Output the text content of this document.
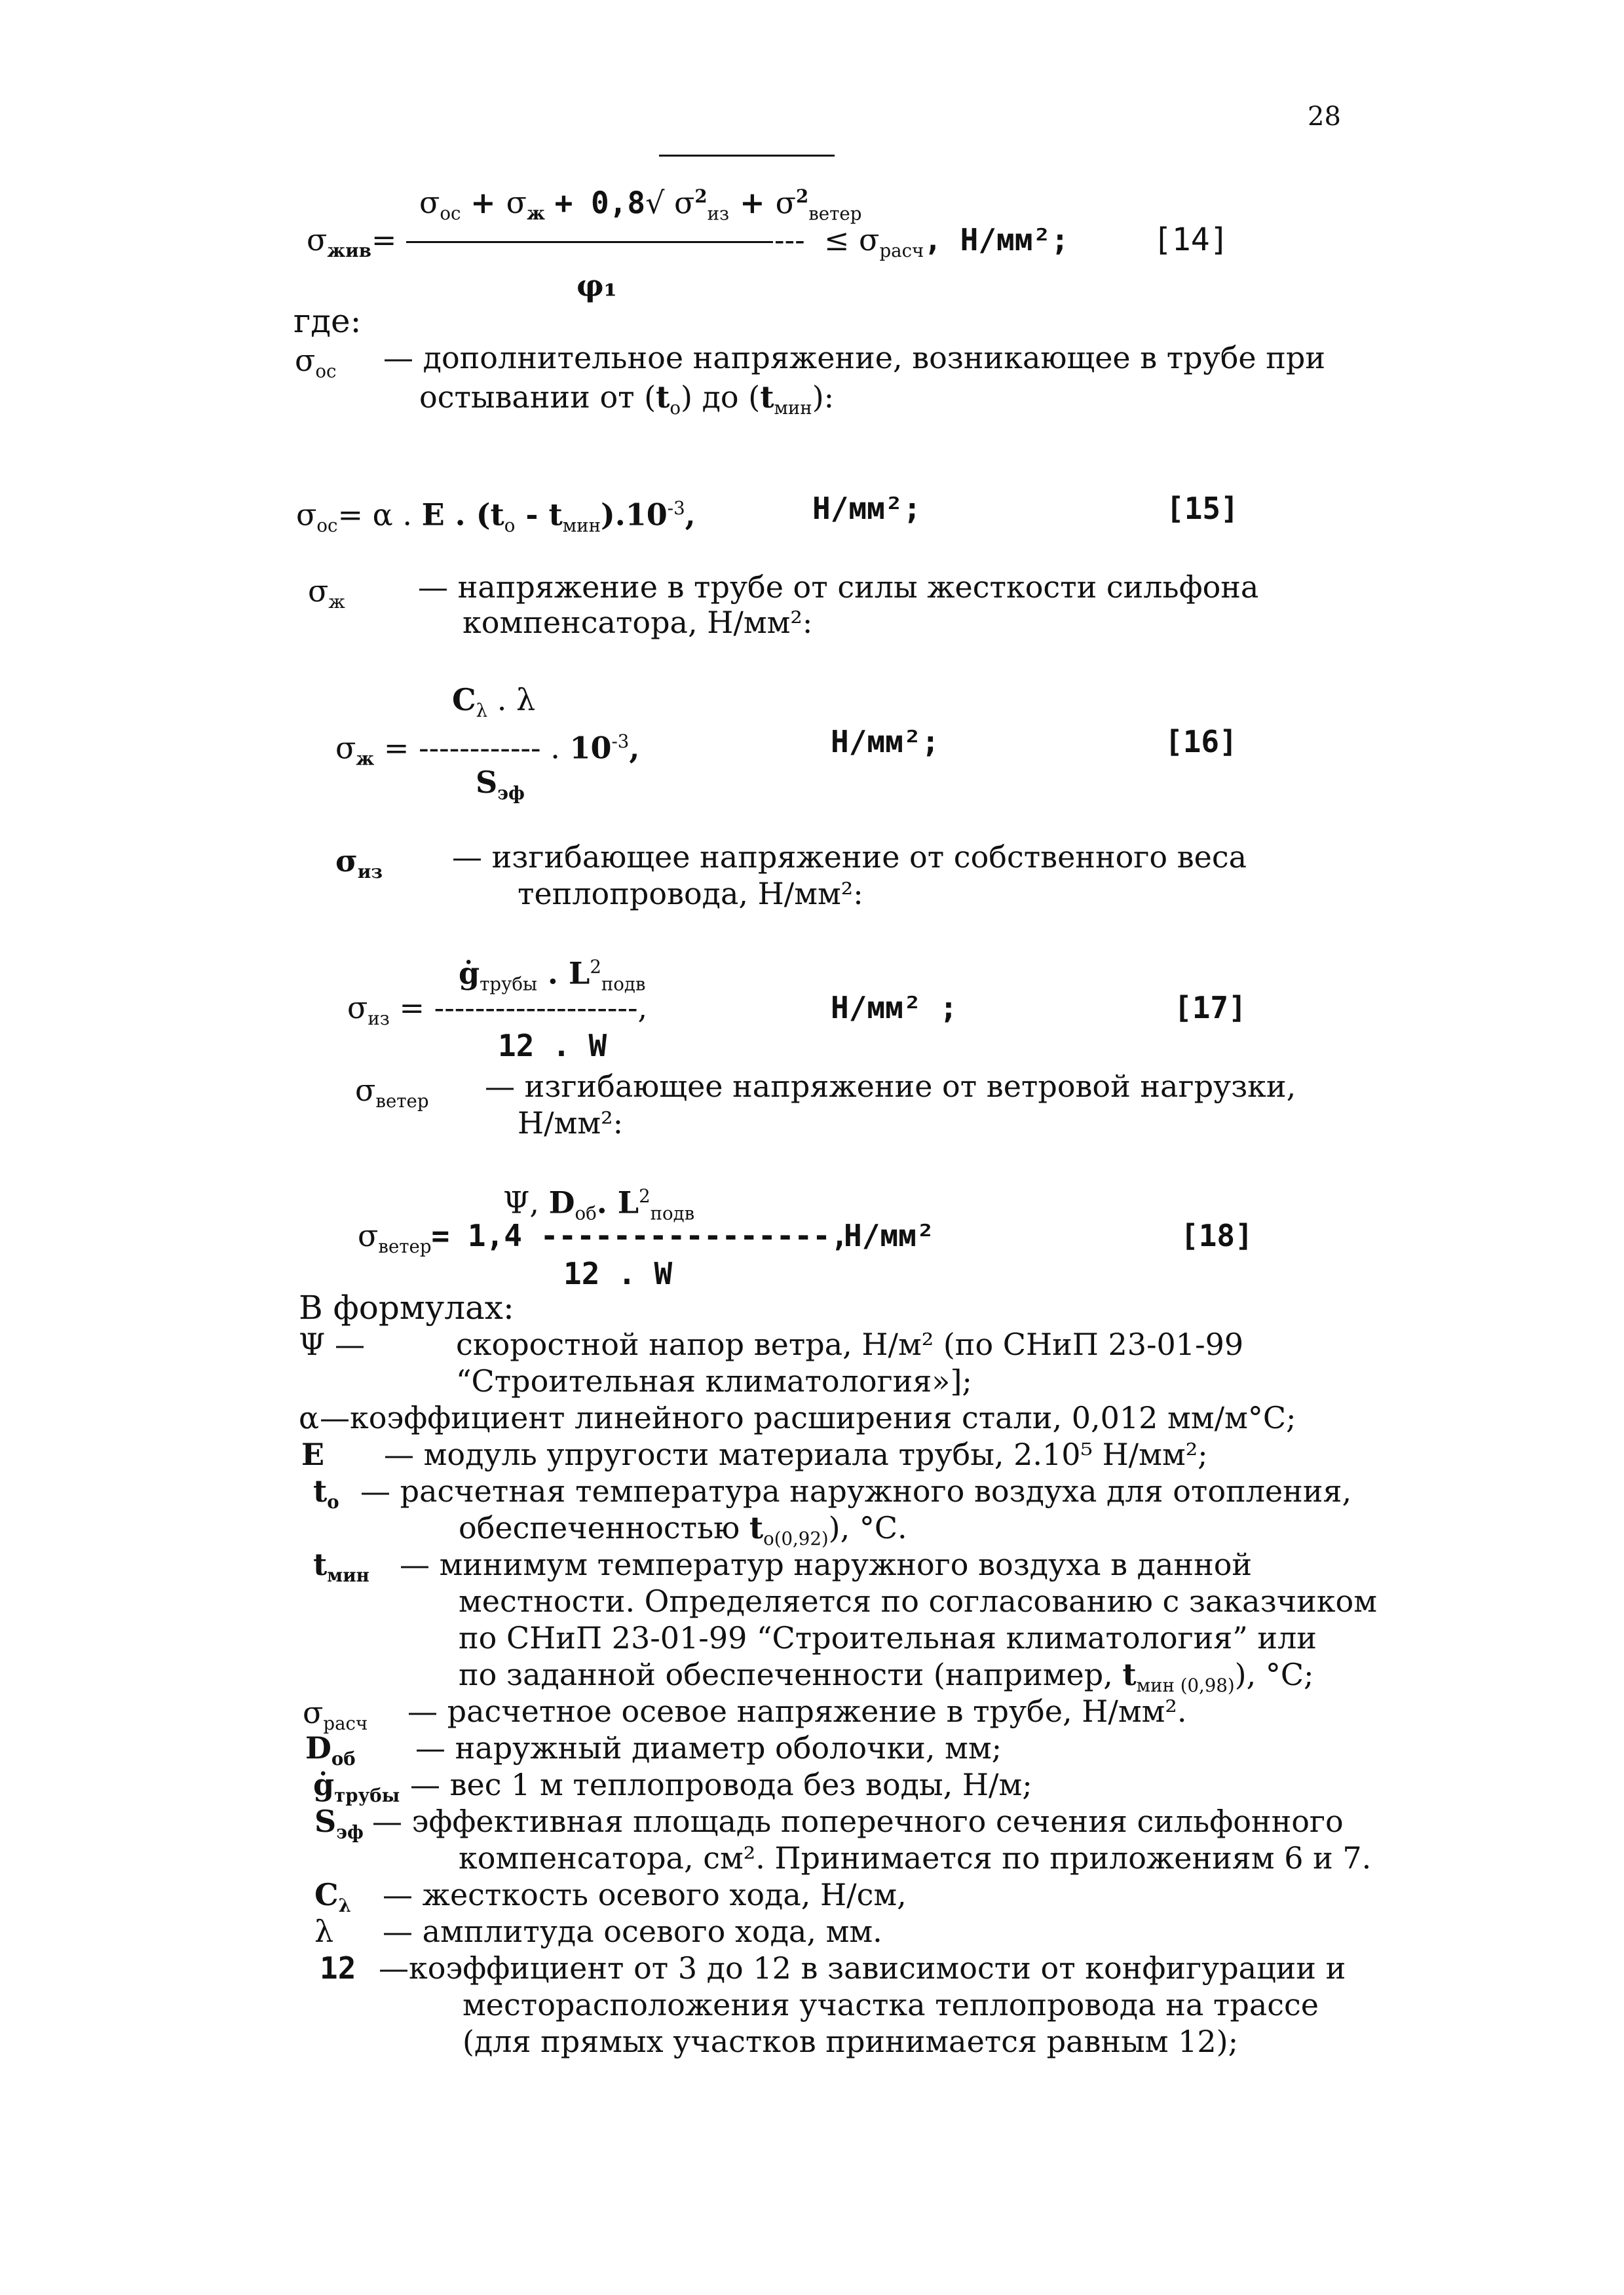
28
$\sigma_{ос} + \sigma_ж + 0,8√$ $\sigma^2_{из} + \sigma^2_{ветер}$
$\sigma_{жив}=$	--- ≤ $\sigma_{расч}$, Н/мм²;	[14]
φ₁
где:
$\sigma_{ос}$ — дополнительное напряжение, возникающее в трубе при
остывании от $(t_о)$ до $(t_{мин})$:
$\sigma_{ос}= \alpha$ . E . $(t_о - t_{мин}).10^{-3}$,	Н/мм²;	[15]
$\sigma_ж$ — напряжение в трубе от силы жесткости сильфона
компенсатора, Н/мм²:
$C_\lambda$ . λ
$\sigma_ж$ = ------------ . $10^{-3}$,	Н/мм²;	[16]
$S_{эф}$
$\sigma_{из}$ — изгибающее напряжение от собственного веса
теплопровода, Н/мм²:
$ġ_{трубы}$ . $L^2_{подв}$
$\sigma_{из}$ = --------------------,	Н/мм² ;	[17]
12 . W
$\sigma_{ветер}$ — изгибающее напряжение от ветровой нагрузки,
Н/мм²:
Ψ, $D_{об}$. $L^2_{подв}$
$\sigma_{ветер}= 1,4$ ----------------,
Н/мм²	[18]
12 . W
В формулах:
Ψ —	скоростной напор ветра, Н/м² (по СНиП 23-01-99
“Строительная климатология»];
α —коэффициент линейного расширения стали, 0,012 мм/м°С;
E — модуль упругости материала трубы, 2.10⁵ Н/мм²;
$t_о$ — расчетная температура наружного воздуха для отопления,
обеспеченностью $t_{о(0,92)}$), °С.
$t_{мин}$ — минимум температур наружного воздуха в данной
местности. Определяется по согласованию с заказчиком
по СНиП 23-01-99 “Строительная климатология” или
по заданной обеспеченности (например, $t_{мин (0,98)}$), °С;
$\sigma_{расч}$ — расчетное осевое напряжение в трубе, Н/мм².
$D_{об}$ — наружный диаметр оболочки, мм;
$ġ_{трубы}$ — вес 1 м теплопровода без воды, Н/м;
$S_{эф}$ — эффективная площадь поперечного сечения сильфонного
компенсатора, см². Принимается по приложениям 6 и 7.
$C_\lambda$ — жесткость осевого хода, Н/см,
λ — амплитуда осевого хода, мм.
12 —коэффициент от 3 до 12 в зависимости от конфигурации и
месторасположения участка теплопровода на трассе
(для прямых участков принимается равным 12);
